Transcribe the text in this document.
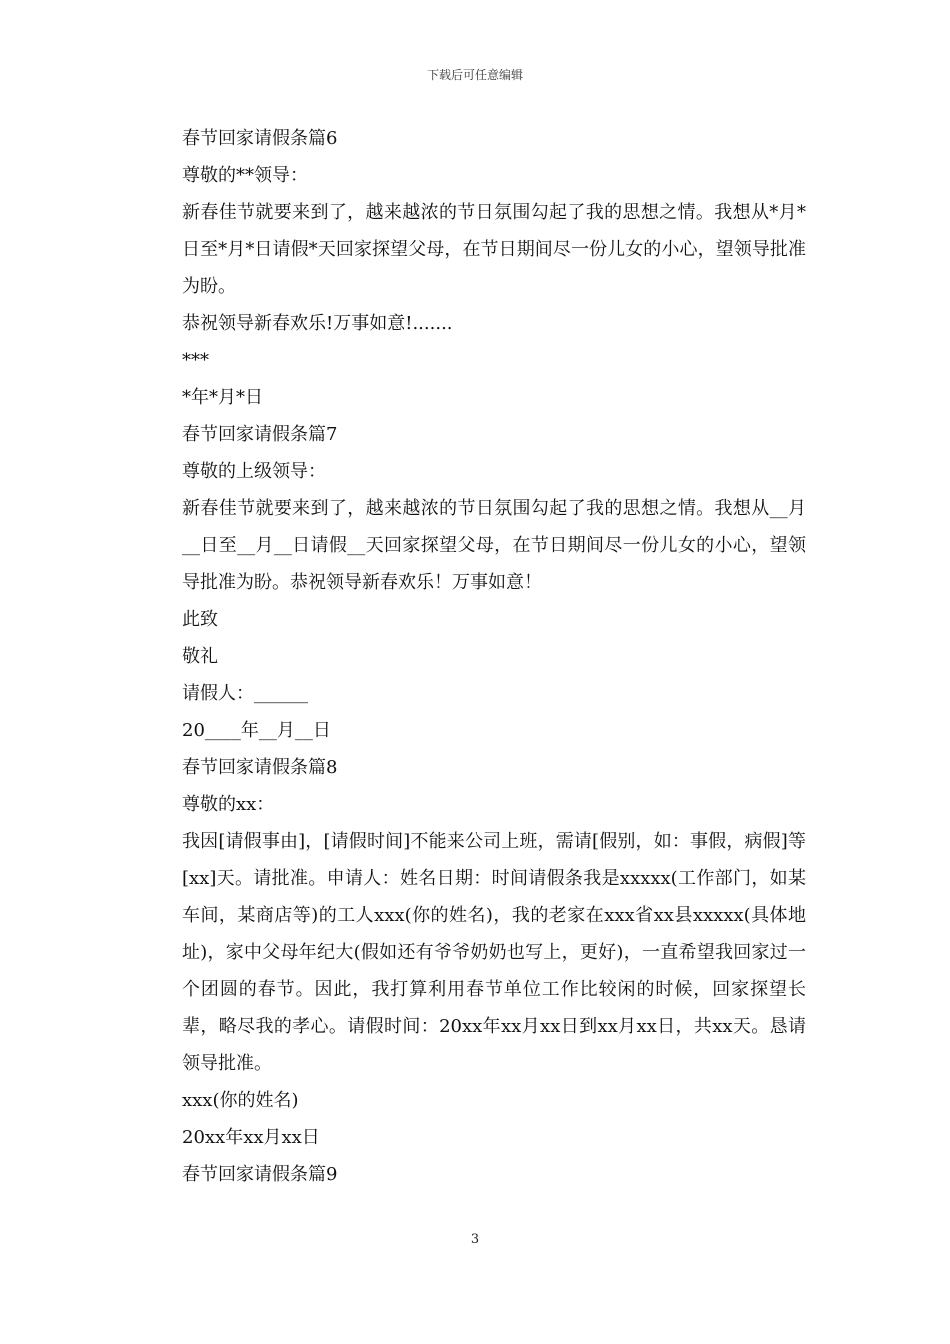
下载后可任意编辑

春节回家请假条篇6

尊敬的**领导：

新春佳节就要来到了，越来越浓的节日氛围勾起了我的思想之情。我想从*月*日至*月*日请假*天回家探望父母，在节日期间尽一份儿女的小心，望领导批准为盼。

恭祝领导新春欢乐!万事如意!.......

***

*年*月*日

春节回家请假条篇7

尊敬的上级领导：

新春佳节就要来到了，越来越浓的节日氛围勾起了我的思想之情。我想从__月__日至__月__日请假__天回家探望父母，在节日期间尽一份儿女的小心，望领导批准为盼。恭祝领导新春欢乐！万事如意！

此致

敬礼

请假人：______

20____年__月__日

春节回家请假条篇8

尊敬的xx：

我因[请假事由]，[请假时间]不能来公司上班，需请[假别，如：事假，病假]等[xx]天。请批准。申请人：姓名日期：时间请假条我是xxxxx(工作部门，如某车间，某商店等)的工人xxx(你的姓名)，我的老家在xxx省xx县xxxxx(具体地址)，家中父母年纪大(假如还有爷爷奶奶也写上，更好)，一直希望我回家过一个团圆的春节。因此，我打算利用春节单位工作比较闲的时候，回家探望长辈，略尽我的孝心。请假时间：20xx年xx月xx日到xx月xx日，共xx天。恳请领导批准。

xxx(你的姓名)

20xx年xx月xx日

春节回家请假条篇9

3
